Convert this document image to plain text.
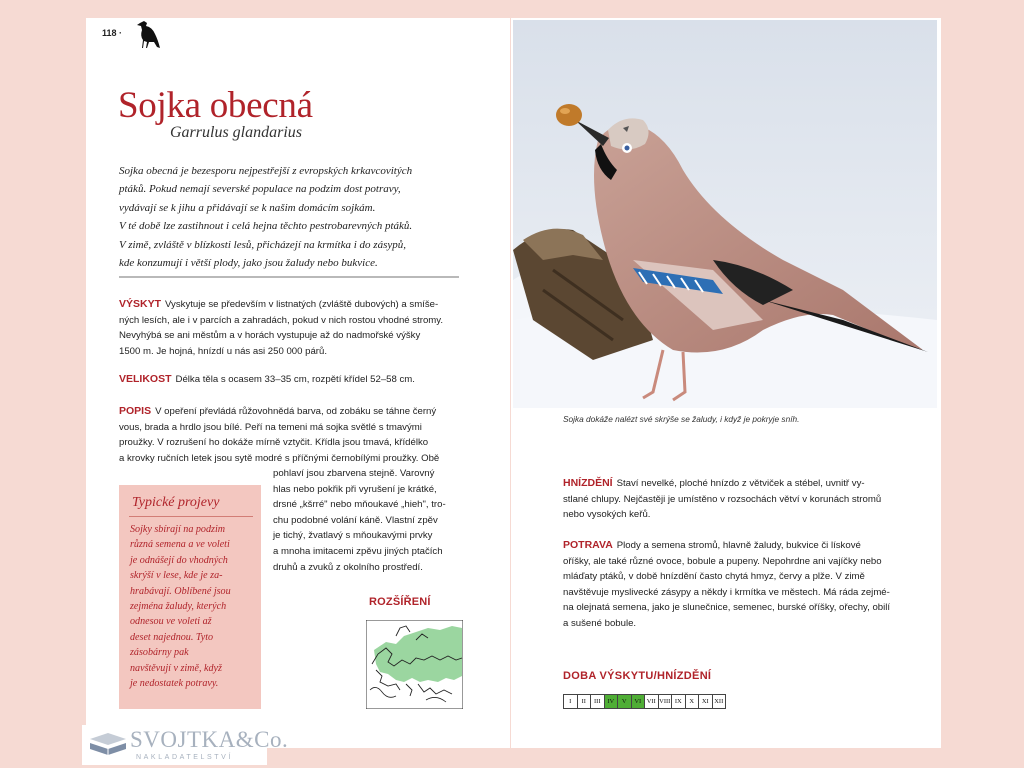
118 ·
Sojka obecná
Garrulus glandarius
Sojka obecná je bezesporu nejpestřejší z evropských krkavcovitých
ptáků. Pokud nemají severské populace na podzim dost potravy,
vydávají se k jihu a přidávají se k našim domácím sojkám.
V té době lze zastihnout i celá hejna těchto pestrobarevných ptáků.
V zimě, zvláště v blízkosti lesů, přicházejí na krmítka i do zásypů,
kde konzumují i větší plody, jako jsou žaludy nebo bukvice.
VÝSKYT Vyskytuje se především v listnatých (zvláště dubových) a smíše-
ných lesích, ale i v parcích a zahradách, pokud v nich rostou vhodné stromy.
Nevyhýbá se ani městům a v horách vystupuje až do nadmořské výšky
1500 m. Je hojná, hnízdí u nás asi 250 000 párů.
VELIKOST Délka těla s ocasem 33–35 cm, rozpětí křídel 52–58 cm.
POPIS V opeření převládá růžovohnědá barva, od zobáku se táhne černý
vous, brada a hrdlo jsou bílé. Peří na temeni má sojka světlé s tmavými
proužky. V rozrušení ho dokáže mírně vztyčit. Křídla jsou tmavá, křídélko
a krovky ručních letek jsou sytě modré s příčnými černobílými proužky. Obě
pohlaví jsou zbarvena stejně. Varovný
hlas nebo pokřik při vyrušení je krátké,
drsné „kšrré" nebo mňoukavé „hieh", tro-
chu podobné volání káně. Vlastní zpěv
je tichý, žvatlavý s mňoukavými prvky
a mnoha imitacemi zpěvu jiných ptačích
druhů a zvuků z okolního prostředí.
Typické projevy
Sojky sbírají na podzim
různá semena a ve voleti
je odnášejí do vhodných
skrýší v lese, kde je za-
hrabávají. Oblíbené jsou
zejména žaludy, kterých
odnesou ve voleti až
deset najednou. Tyto
zásobárny pak
navštěvují v zimě, když
je nedostatek potravy.
ROZŠÍŘENÍ
SVOJTKA&Co.
NAKLADATELSTVÍ
Sojka dokáže nalézt své skrýše se žaludy, i když je pokryje sníh.
HNÍZDĚNÍ Staví nevelké, ploché hnízdo z větviček a stébel, uvnitř vy-
stlané chlupy. Nejčastěji je umístěno v rozsochách větví v korunách stromů
nebo vysokých keřů.
POTRAVA Plody a semena stromů, hlavně žaludy, bukvice či lískové
oříšky, ale také různé ovoce, bobule a pupeny. Nepohrdne ani vajíčky nebo
mláďaty ptáků, v době hnízdění často chytá hmyz, červy a plže. V zimě
navštěvuje myslivecké zásypy a někdy i krmítka ve městech. Má ráda zejmé-
na olejnatá semena, jako je slunečnice, semenec, burské oříšky, ořechy, obilí
a sušené bobule.
DOBA VÝSKYTU/HNÍZDĚNÍ
I	II	III	IV	V	VI VII VIII IX	X	XI XII
